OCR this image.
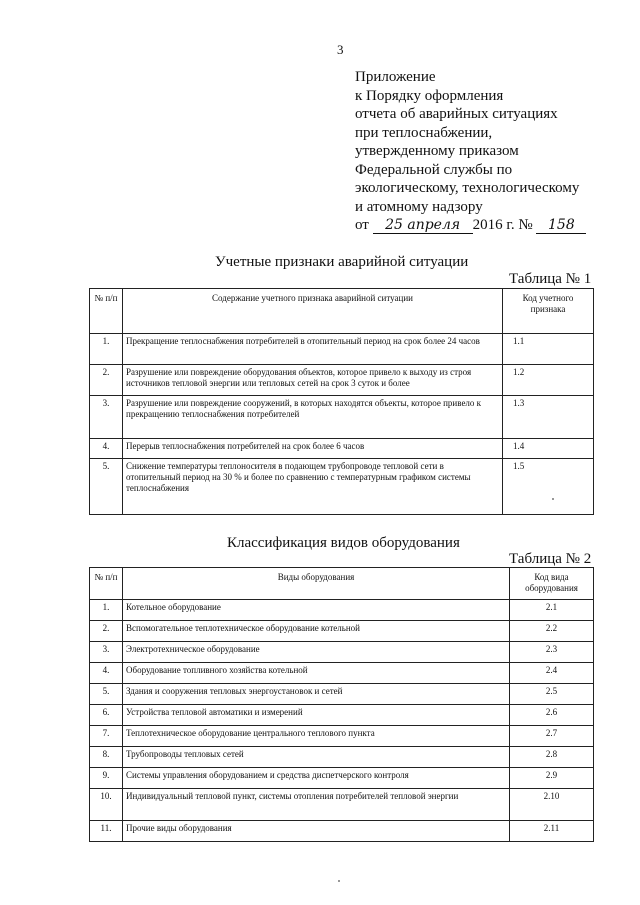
3
Приложение
к Порядку оформления
отчета об аварийных ситуациях
при теплоснабжении,
утвержденному приказом
Федеральной службы по
экологическому, технологическому
и атомному надзору
от 25 апреля 2016 г. № 158
Учетные признаки аварийной ситуации
Таблица № 1
№ п/п	Содержание учетного признака аварийной ситуации	Код учетного признака
1.	Прекращение теплоснабжения потребителей в отопительный период на срок более 24 часов	1.1
2.	Разрушение или повреждение оборудования объектов, которое привело к выходу из строя источников тепловой энергии или тепловых сетей на срок 3 суток и более	1.2
3.	Разрушение или повреждение сооружений, в которых находятся объекты, которое привело к прекращению теплоснабжения потребителей	1.3
4.	Перерыв теплоснабжения потребителей на срок более 6 часов	1.4
5.	Снижение температуры теплоносителя в подающем трубопроводе тепловой сети в отопительный период на 30 % и более по сравнению с температурным графиком системы теплоснабжения	1.5
Классификация видов оборудования
Таблица № 2
№ п/п	Виды оборудования	Код вида оборудования
1.	Котельное оборудование	2.1
2.	Вспомогательное теплотехническое оборудование котельной	2.2
3.	Электротехническое оборудование	2.3
4.	Оборудование топливного хозяйства котельной	2.4
5.	Здания и сооружения тепловых энергоустановок и сетей	2.5
6.	Устройства тепловой автоматики и измерений	2.6
7.	Теплотехническое оборудование центрального теплового пункта	2.7
8.	Трубопроводы тепловых сетей	2.8
9.	Системы управления оборудованием и средства диспетчерского контроля	2.9
10.	Индивидуальный тепловой пункт, системы отопления потребителей тепловой энергии	2.10
11.	Прочие виды оборудования	2.11
